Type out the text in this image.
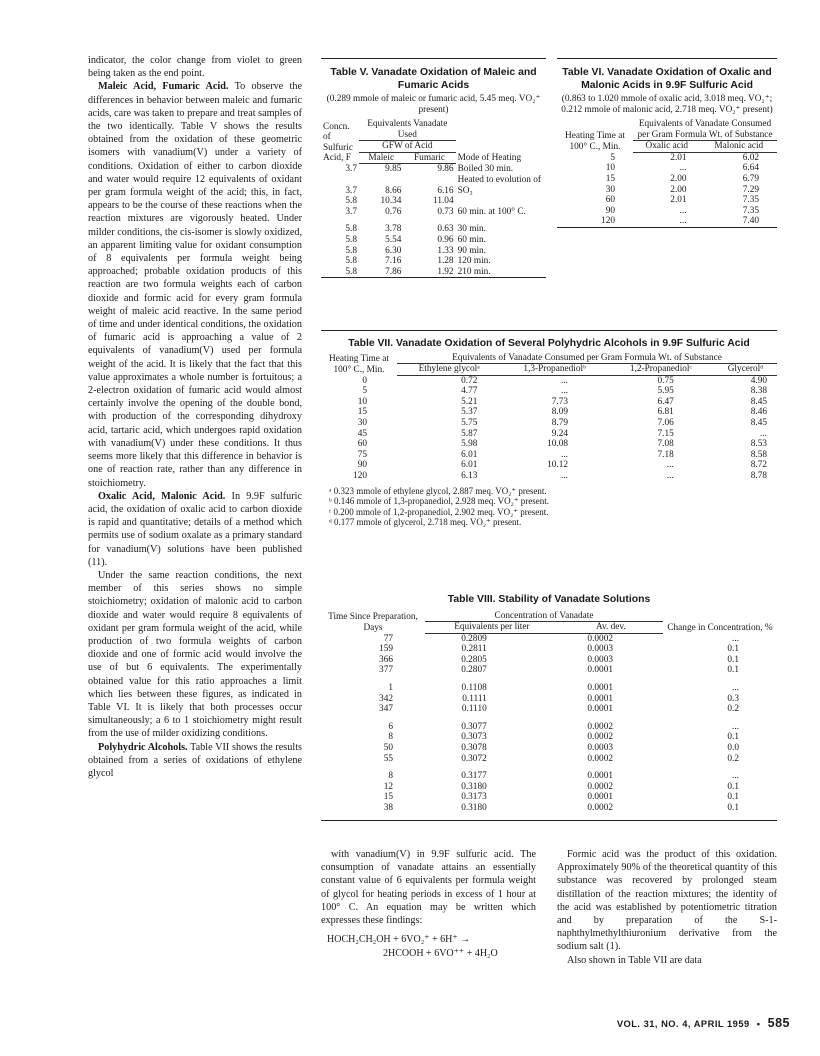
indicator, the color change from violet to green being taken as the end point.

Maleic Acid, Fumaric Acid. To observe the differences in behavior between maleic and fumaric acids, care was taken to prepare and treat samples of the two identically. Table V shows the results obtained from the oxidation of these geometric isomers with vanadium(V) under a variety of conditions. Oxidation of either to carbon dioxide and water would require 12 equivalents of oxidant per gram formula weight of the acid; this, in fact, appears to be the course of these reactions when the reaction mixtures are vigorously heated. Under milder conditions, the cis-isomer is slowly oxidized, an apparent limiting value for oxidant consumption of 8 equivalents per formula weight being approached; probable oxidation products of this reaction are two formula weights each of carbon dioxide and formic acid for every gram formula weight of maleic acid reactive. In the same period of time and under identical conditions, the oxidation of fumaric acid is approaching a value of 2 equivalents of vanadium(V) used per formula weight of the acid. It is likely that the fact that this value approximates a whole number is fortuitous; a 2-electron oxidation of fumaric acid would almost certainly involve the opening of the double bond, with production of the corresponding dihydroxy acid, tartaric acid, which undergoes rapid oxidation with vanadium(V) under these conditions. It thus seems more likely that this difference in behavior is one of reaction rate, rather than any difference in stoichiometry.

Oxalic Acid, Malonic Acid. In 9.9F sulfuric acid, the oxidation of oxalic acid to carbon dioxide is rapid and quantitative; details of a method which permits use of sodium oxalate as a primary standard for vanadium(V) solutions have been published (11).

Under the same reaction conditions, the next member of this series shows no simple stoichiometry; oxidation of malonic acid to carbon dioxide and water would require 8 equivalents of oxidant per gram formula weight of the acid, while production of two formula weights of carbon dioxide and one of formic acid would involve the use of but 6 equivalents. The experimentally obtained value for this ratio approaches a limit which lies between these figures, as indicated in Table VI. It is likely that both processes occur simultaneously; a 6 to 1 stoichiometry might result from the use of milder oxidizing conditions.

Polyhydric Alcohols. Table VII shows the results obtained from a series of oxidations of ethylene glycol

Table V. Vanadate Oxidation of Maleic and Fumaric Acids

(0.289 mmole of maleic or fumaric acid, 5.45 meq. VO₂⁺ present)

Concn. of Sulfuric Acid, F	Equivalents Vanadate Used		Mode of Heating
	GFW of Acid		
	Maleic	Fumaric	
3.7	9.85	9.86	Boiled 30 min.
3.7	8.66	6.16	Heated to evolution of SO₃
5.8	10.34	11.04	
3.7	0.76	0.73	60 min. at 100° C.

5.8	3.78	0.63	30 min.
5.8	5.54	0.96	60 min.
5.8	6.30	1.33	90 min.
5.8	7.16	1.28	120 min.
5.8	7.86	1.92	210 min.

Table VI. Vanadate Oxidation of Oxalic and Malonic Acids in 9.9F Sulfuric Acid

(0.863 to 1.020 mmole of oxalic acid, 3.018 meq. VO₂⁺; 0.212 mmole of malonic acid, 2.718 meq. VO₂⁺ present)

Heating Time at 100° C., Min.	Equivalents of Vanadate Consumed per Gram Formula Wt. of Substance	
	Oxalic acid	Malonic acid
5	2.01	6.02
10	...	6.64
15	2.00	6.79
30	2.00	7.29
60	2.01	7.35
90	...	7.35
120	...	7.40

Table VII. Vanadate Oxidation of Several Polyhydric Alcohols in 9.9F Sulfuric Acid

Heating Time at 100° C., Min.	Equivalents of Vanadate Consumed per Gram Formula Wt. of Substance			
	Ethylene glycolᵃ	1,3-Propanediolᵇ	1,2-Propanediolᶜ	Glycerolᵈ
0	0.72	...	0.75	4.90
5	4.77	...	5.95	8.38
10	5.21	7.73	6.47	8.45
15	5.37	8.09	6.81	8.46
30	5.75	8.79	7.06	8.45
45	5.87	9.24	7.15	...
60	5.98	10.08	7.08	8.53
75	6.01	...	7.18	8.58
90	6.01	10.12	...	8.72
120	6.13	...	...	8.78

ᵃ 0.323 mmole of ethylene glycol, 2.887 meq. VO₂⁺ present.

ᵇ 0.146 mmole of 1,3-propanediol, 2.928 meq. VO₂⁺ present.

ᶜ 0.200 mmole of 1,2-propanediol, 2.902 meq. VO₂⁺ present.

ᵈ 0.177 mmole of glycerol, 2.718 meq. VO₂⁺ present.

Table VIII. Stability of Vanadate Solutions

Time Since Preparation, Days	Concentration of Vanadate		Change in Concentration, %
	Equivalents per liter	Av. dev.	
77	0.2809	0.0002	...
159	0.2811	0.0003	0.1
366	0.2805	0.0003	0.1
377	0.2807	0.0001	0.1

1	0.1108	0.0001	...
342	0.1111	0.0001	0.3
347	0.1110	0.0001	0.2

6	0.3077	0.0002	...
8	0.3073	0.0002	0.1
50	0.3078	0.0003	0.0
55	0.3072	0.0002	0.2

8	0.3177	0.0001	...
12	0.3180	0.0002	0.1
15	0.3173	0.0001	0.1
38	0.3180	0.0002	0.1

with vanadium(V) in 9.9F sulfuric acid. The consumption of vanadate attains an essentially constant value of 6 equivalents per formula weight of glycol for heating periods in excess of 1 hour at 100° C. An equation may be written which expresses these findings:

HOCH₂CH₂OH + 6VO₂⁺ + 6H⁺ →
2HCOOH + 6VO⁺⁺ + 4H₂O

Formic acid was the product of this oxidation. Approximately 90% of the theoretical quantity of this substance was recovered by prolonged steam distillation of the reaction mixtures; the identity of the acid was established by potentiometric titration and by preparation of the S-1-naphthylmethylthiuronium derivative from the sodium salt (1).

Also shown in Table VII are data

VOL. 31, NO. 4, APRIL 1959 • 585
